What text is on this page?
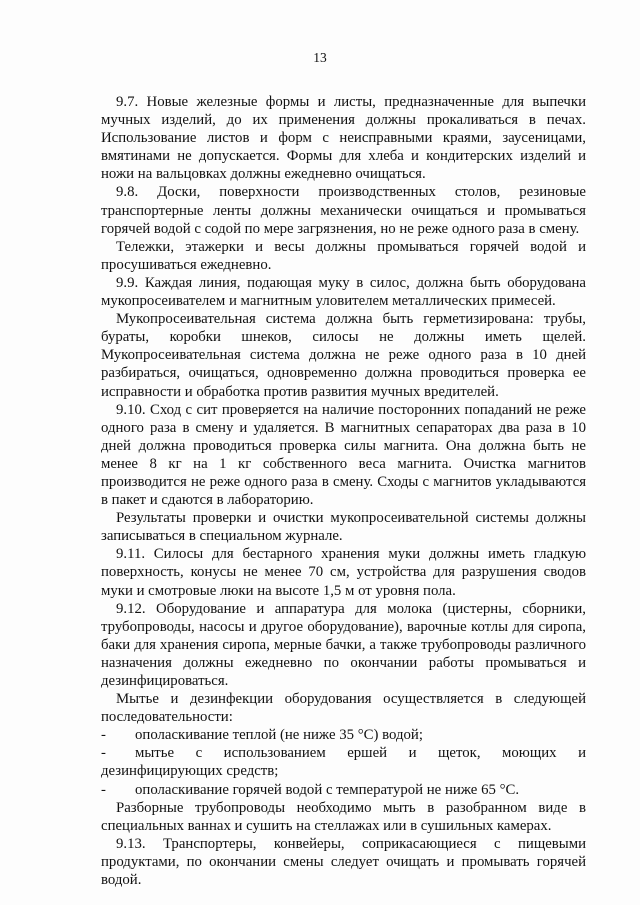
13

9.7. Новые железные формы и листы, предназначенные для выпечки мучных изделий, до их применения должны прокаливаться в печах. Использование листов и форм с неисправными краями, заусеницами, вмятинами не допускается. Формы для хлеба и кондитерских изделий и ножи на вальцовках должны ежедневно очищаться.

9.8. Доски, поверхности производственных столов, резиновые транспортерные ленты должны механически очищаться и промываться горячей водой с содой по мере загрязнения, но не реже одного раза в смену.

Тележки, этажерки и весы должны промываться горячей водой и просушиваться ежедневно.

9.9. Каждая линия, подающая муку в силос, должна быть оборудована мукопросеивателем и магнитным уловителем металлических примесей.

Мукопросеивательная система должна быть герметизирована: трубы, бураты, коробки шнеков, силосы не должны иметь щелей. Мукопросеивательная система должна не реже одного раза в 10 дней разбираться, очищаться, одновременно должна проводиться проверка ее исправности и обработка против развития мучных вредителей.

9.10. Сход с сит проверяется на наличие посторонних попаданий не реже одного раза в смену и удаляется. В магнитных сепараторах два раза в 10 дней должна проводиться проверка силы магнита. Она должна быть не менее 8 кг на 1 кг собственного веса магнита. Очистка магнитов производится не реже одного раза в смену. Сходы с магнитов укладываются в пакет и сдаются в лабораторию.

Результаты проверки и очистки мукопросеивательной системы должны записываться в специальном журнале.

9.11. Силосы для бестарного хранения муки должны иметь гладкую поверхность, конусы не менее 70 см, устройства для разрушения сводов муки и смотровые люки на высоте 1,5 м от уровня пола.

9.12. Оборудование и аппаратура для молока (цистерны, сборники, трубопроводы, насосы и другое оборудование), варочные котлы для сиропа, баки для хранения сиропа, мерные бачки, а также трубопроводы различного назначения должны ежедневно по окончании работы промываться и дезинфицироваться.

Мытье и дезинфекции оборудования осуществляется в следующей последовательности:

- ополаскивание теплой (не ниже 35 °С) водой;

- мытье с использованием ершей и щеток, моющих и дезинфицирующих средств;

- ополаскивание горячей водой с температурой не ниже 65 °С.

Разборные трубопроводы необходимо мыть в разобранном виде в специальных ваннах и сушить на стеллажах или в сушильных камерах.

9.13. Транспортеры, конвейеры, соприкасающиеся с пищевыми продуктами, по окончании смены следует очищать и промывать горячей водой.
